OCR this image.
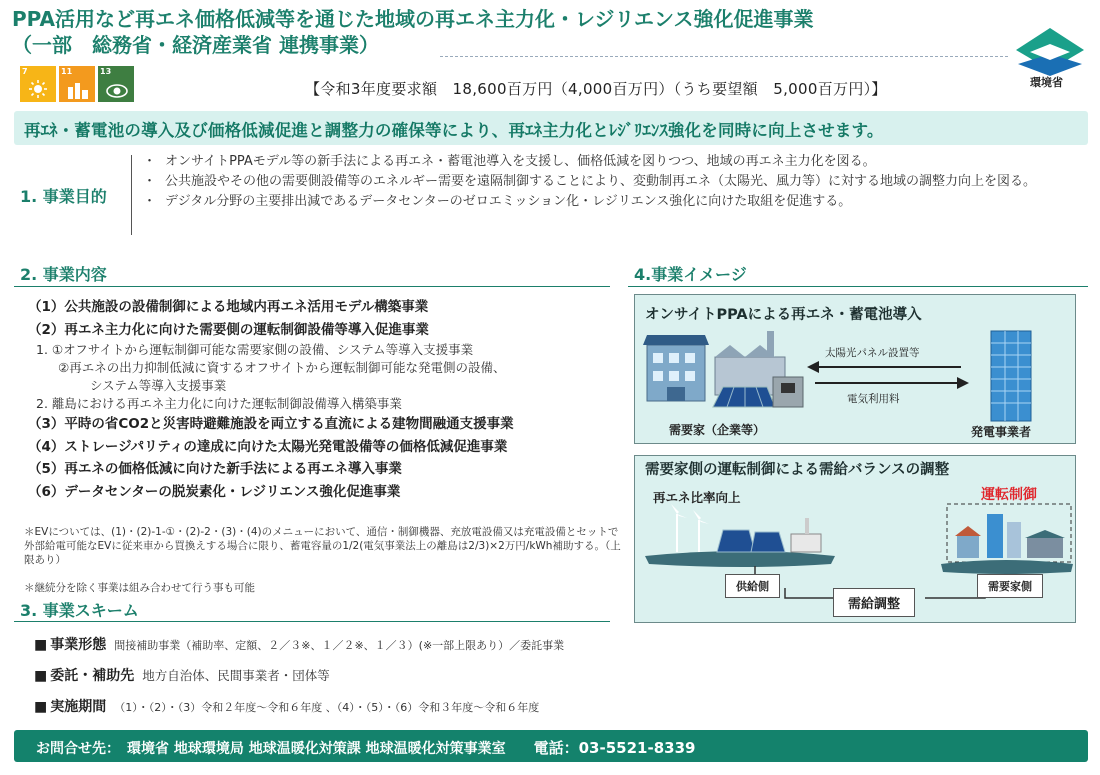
PPA活用など再エネ価格低減等を通じた地域の再エネ主力化・レジリエンス強化促進事業
（一部　総務省・経済産業省 連携事業）
環境省
7	11	13
【令和3年度要求額　18,600百万円（4,000百万円）（うち要望額　5,000百万円）】
再ｴﾈ・蓄電池の導入及び価格低減促進と調整力の確保等により、再ｴﾈ主力化とﾚｼﾞﾘｴﾝｽ強化を同時に向上させます。
1. 事業目的
・ オンサイトPPAモデル等の新手法による再エネ・蓄電池導入を支援し、価格低減を図りつつ、地域の再エネ主力化を図る。
・ 公共施設やその他の需要側設備等のエネルギー需要を遠隔制御することにより、変動制再エネ（太陽光、風力等）に対する地域の調整力向上を図る。
・ デジタル分野の主要排出減であるデータセンターのゼロエミッション化・レジリエンス強化に向けた取組を促進する。
2. 事業内容
（1）公共施設の設備制御による地域内再エネ活用モデル構築事業
（2）再エネ主力化に向けた需要側の運転制御設備等導入促進事業
1. ①オフサイトから運転制御可能な需要家側の設備、システム等導入支援事業
②再エネの出力抑制低減に資するオフサイトから運転制御可能な発電側の設備、
システム等導入支援事業
2. 離島における再エネ主力化に向けた運転制御設備導入構築事業
（3）平時の省CO2と災害時避難施設を両立する直流による建物間融通支援事業
（4）ストレージパリティの達成に向けた太陽光発電設備等の価格低減促進事業
（5）再エネの価格低減に向けた新手法による再エネ導入事業
（6）データセンターの脱炭素化・レジリエンス強化促進事業
＊EVについては、(1)・(2)-1-①・(2)-2・(3)・(4)のメニューにおいて、通信・制御機器、充放電設備又は充電設備とセットで外部給電可能なEVに従来車から買換えする場合に限り、蓄電容量の1/2(電気事業法上の離島は2/3)×2万円/kWh補助する。（上限あり）
＊継続分を除く事業は組み合わせて行う事も可能
3. 事業スキーム
■ 事業形態 間接補助事業（補助率、定額、２／３※、１／２※、１／３）(※一部上限あり）／委託事業
■ 委託・補助先 地方自治体、民間事業者・団体等
■ 実施期間 （1）・（2）・（3）令和２年度～令和６年度 、（4）・（5）・（6）令和３年度～令和６年度
4.事業イメージ
オンサイトPPAによる再エネ・蓄電池導入
太陽光パネル設置等
電気利用料
需要家（企業等）	発電事業者
需要家側の運転制御による需給バランスの調整
再エネ比率向上	運転制御
供給側	需要家側
需給調整
お問合せ先：　環境省 地球環境局 地球温暖化対策課 地球温暖化対策事業室 電話：03-5521-8339
